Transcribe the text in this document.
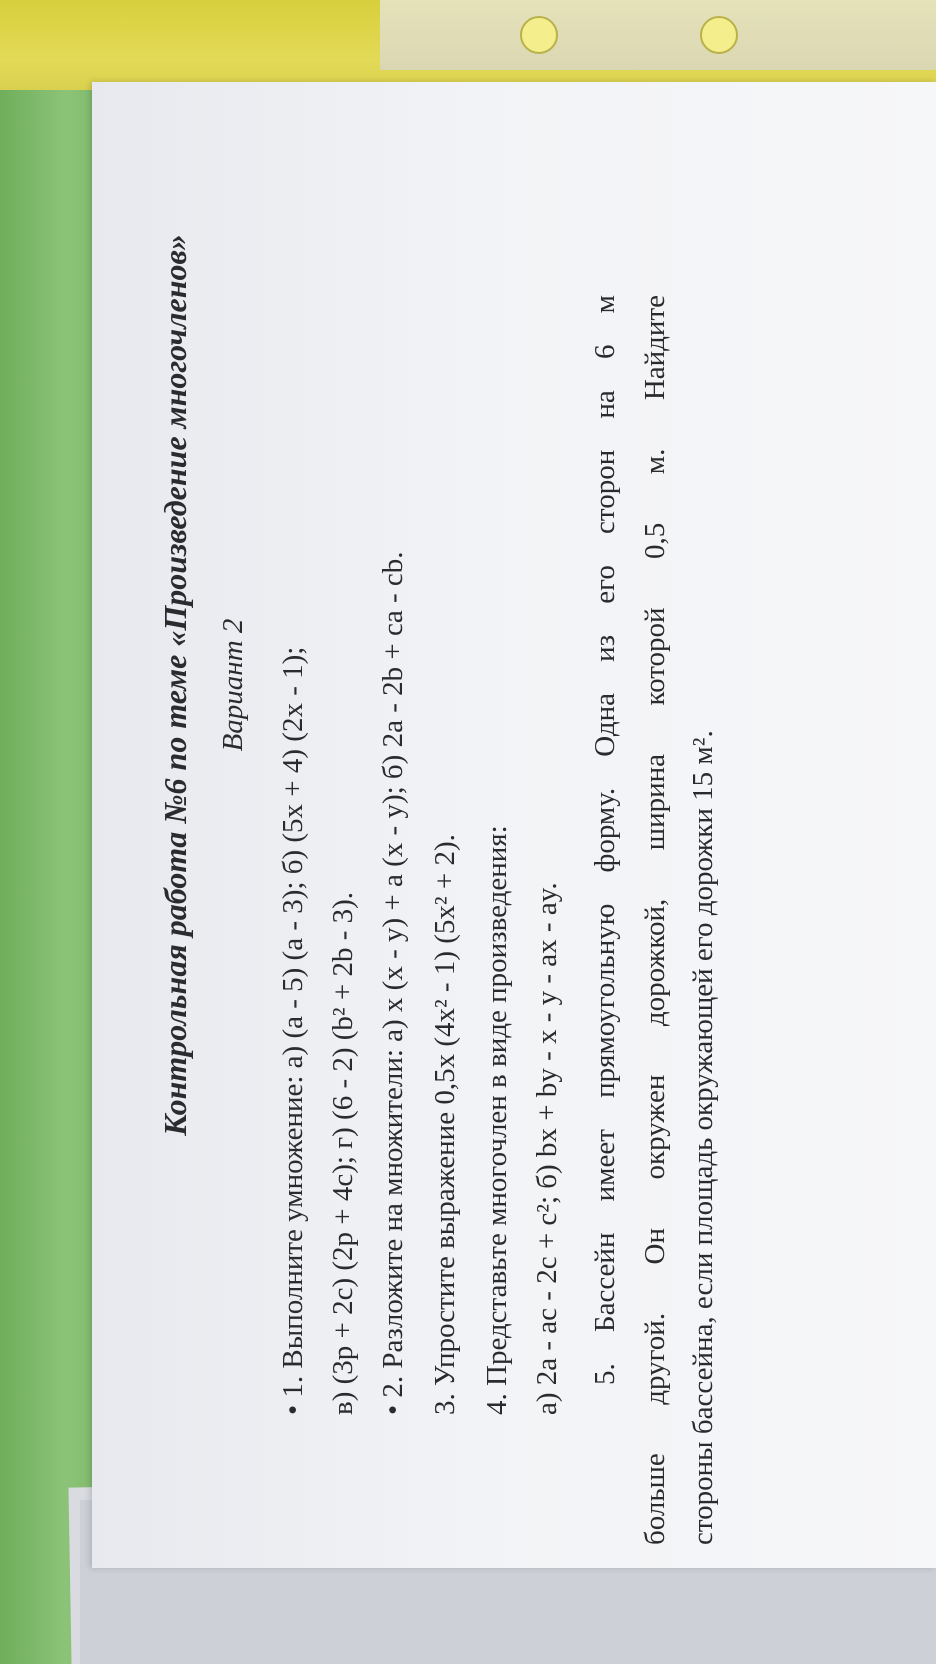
Контрольная работа №6 по теме «Произведение многочленов» Вариант 2 • 1. Выполните умножение: а) (a - 5) (a - 3); б) (5x + 4) (2x - 1); в) (3p + 2c) (2p + 4c); г) (6 - 2) (b² + 2b - 3). • 2. Разложите на множители: а) x (x - y) + a (x - y); б) 2a - 2b + ca - cb. 3. Упростите выражение 0,5x (4x² - 1) (5x² + 2). 4. Представьте многочлен в виде произведения: а) 2a - ac - 2c + c²; б) bx + by - x - y - ax - ay. 5. Бассейн имеет прямоугольную форму. Одна из его сторон на 6 м больше другой. Он окружен дорожкой, ширина которой 0,5 м. Найдите стороны бассейна, если площадь окружающей его дорожки 15 м².
